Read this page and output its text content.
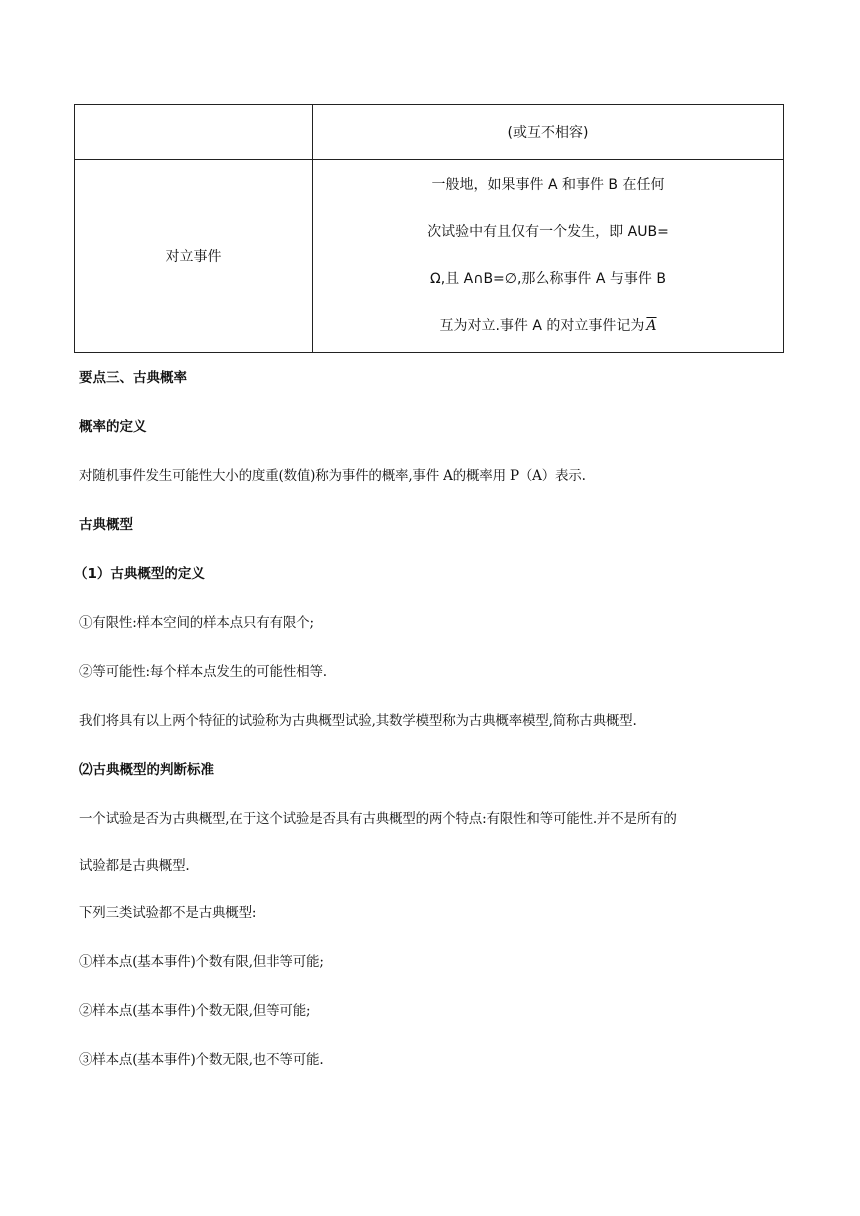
	(或互不相容)
对立事件	一般地，如果事件 A 和事件 B 在任何
次试验中有且仅有一个发生，即 AUB=
Ω,且 A∩B=∅,那么称事件 A 与事件 B
互为对立.事件 A 的对立事件记为 $\overline{A}$
要点三、古典概率
概率的定义
对随机事件发生可能性大小的度重(数值)称为事件的概率,事件 A的概率用 P（A）表示.
古典概型
（1）古典概型的定义
①有限性:样本空间的样本点只有有限个;
②等可能性:每个样本点发生的可能性相等.
我们将具有以上两个特征的试验称为古典概型试验,其数学模型称为古典概率模型,简称古典概型.
⑵古典概型的判断标准
一个试验是否为古典概型,在于这个试验是否具有古典概型的两个特点:有限性和等可能性.并不是所有的
试验都是古典概型.
下列三类试验都不是古典概型:
①样本点(基本事件)个数有限,但非等可能;
②样本点(基本事件)个数无限,但等可能;
③样本点(基本事件)个数无限,也不等可能.
